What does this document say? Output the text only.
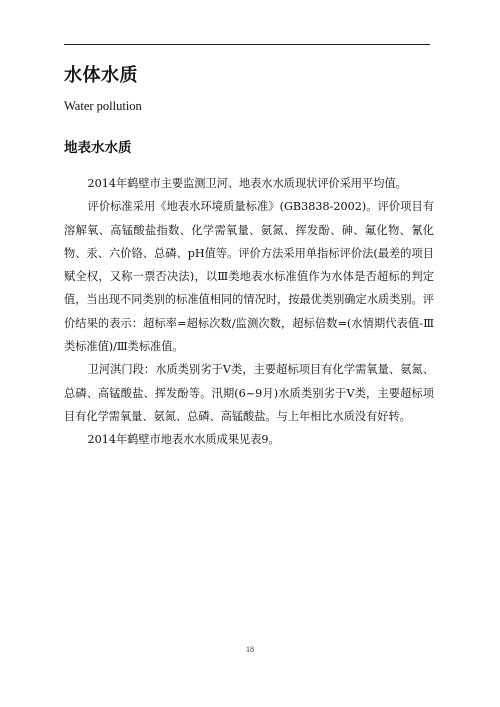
水体水质
Water pollution
地表水水质

2014年鹤壁市主要监测卫河、地表水水质现状评价采用平均值。

评价标准采用《地表水环境质量标准》(GB3838-2002)。评价项目有溶解氧、高锰酸盐指数、化学需氧量、氨氮、挥发酚、砷、氟化物、氰化物、汞、六价铬、总磷、pH值等。评价方法采用单指标评价法(最差的项目赋全权，又称一票否决法)，以Ⅲ类地表水标准值作为水体是否超标的判定值，当出现不同类别的标准值相同的情况时，按最优类别确定水质类别。评价结果的表示：超标率=超标次数/监测次数，超标倍数=(水情期代表值-Ⅲ类标准值)/Ⅲ类标准值。

卫河淇门段：水质类别劣于Ⅴ类，主要超标项目有化学需氧量、氨氮、总磷、高锰酸盐、挥发酚等。汛期(6~9月)水质类别劣于Ⅴ类，主要超标项目有化学需氧量、氨氮、总磷、高锰酸盐。与上年相比水质没有好转。

2014年鹤壁市地表水水质成果见表9。

18
